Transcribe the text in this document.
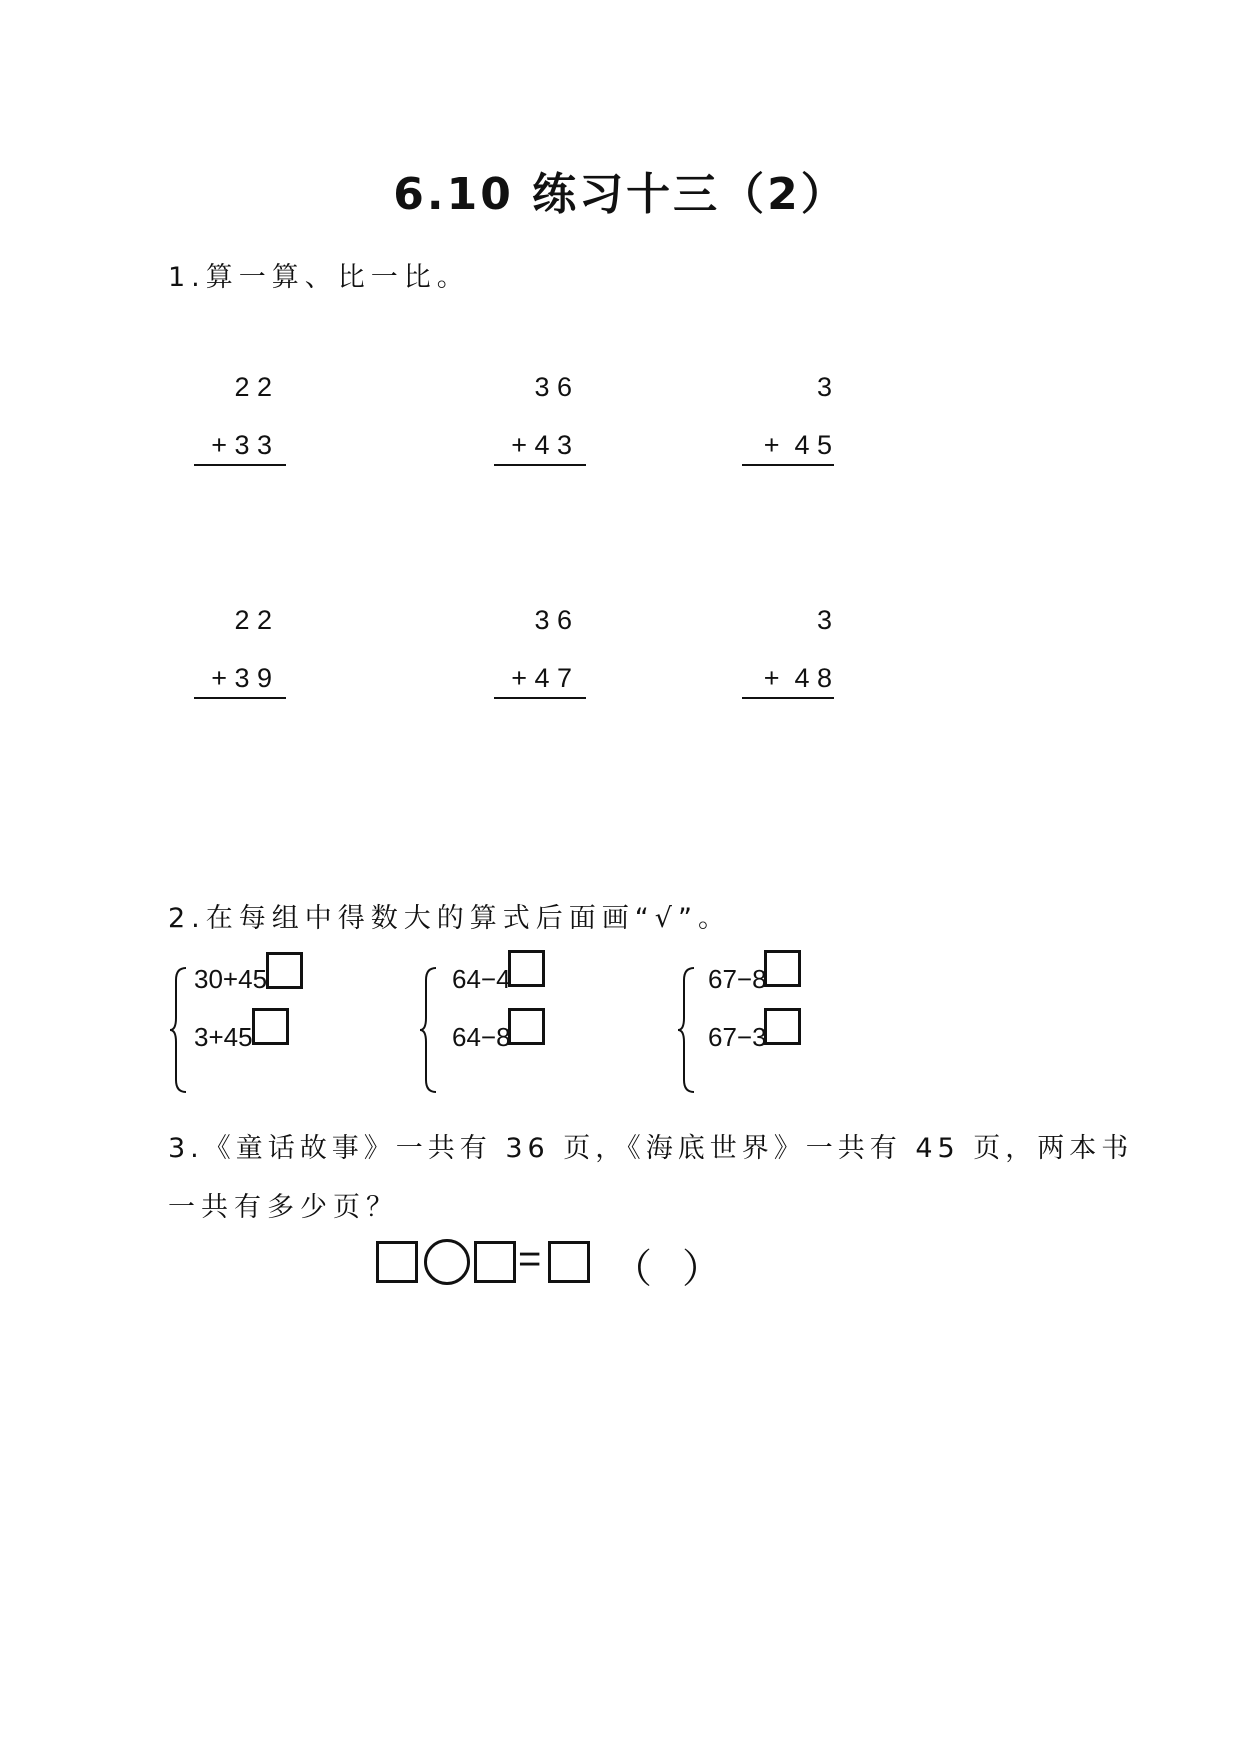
6.10 练习十三（2）
1.算一算、比一比。
2 2
+ 3 3
3 6
+ 4 3
3
+  4 5
2 2
+ 3 9
3 6
+ 4 7
3
+  4 8
2.在每组中得数大的算式后面画“√”。
30+45
3+45
64−4
64−8
67−8
67−3
3.《童话故事》一共有 36 页，《海底世界》一共有 45 页，两本书
一共有多少页？
= （ ）
